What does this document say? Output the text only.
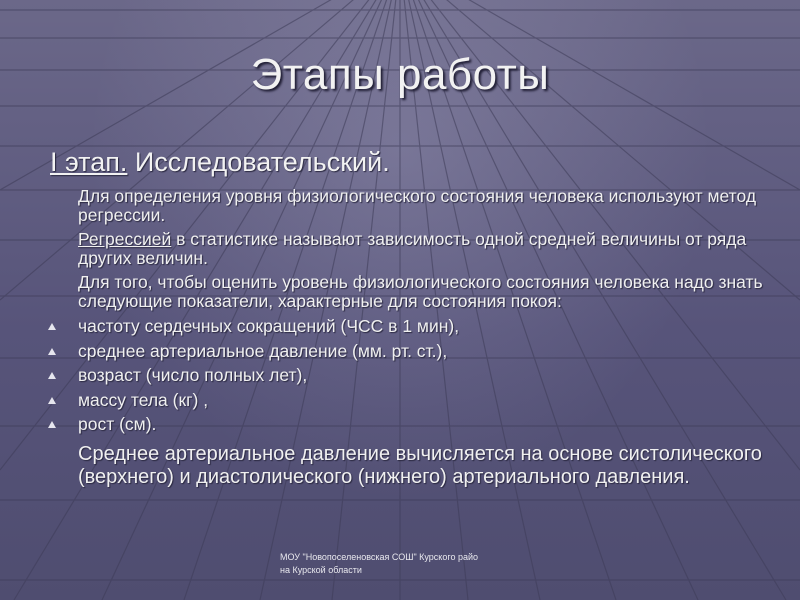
Этапы работы
I этап. Исследовательский.
Для определения уровня физиологического состояния человека используют метод регрессии.
Регрессией в статистике называют зависимость одной средней величины от ряда других величин.
Для того, чтобы оценить уровень физиологического состояния человека надо знать следующие показатели, характерные для состояния покоя:
частоту сердечных сокращений (ЧСС в 1 мин),
среднее артериальное давление (мм. рт. ст.),
возраст (число полных лет),
массу тела (кг) ,
рост (см).
Среднее артериальное давление вычисляется на основе систолического (верхнего) и диастолического (нижнего) артериального давления.
МОУ "Новопоселеновская СОШ" Курского райо
на Курской области
